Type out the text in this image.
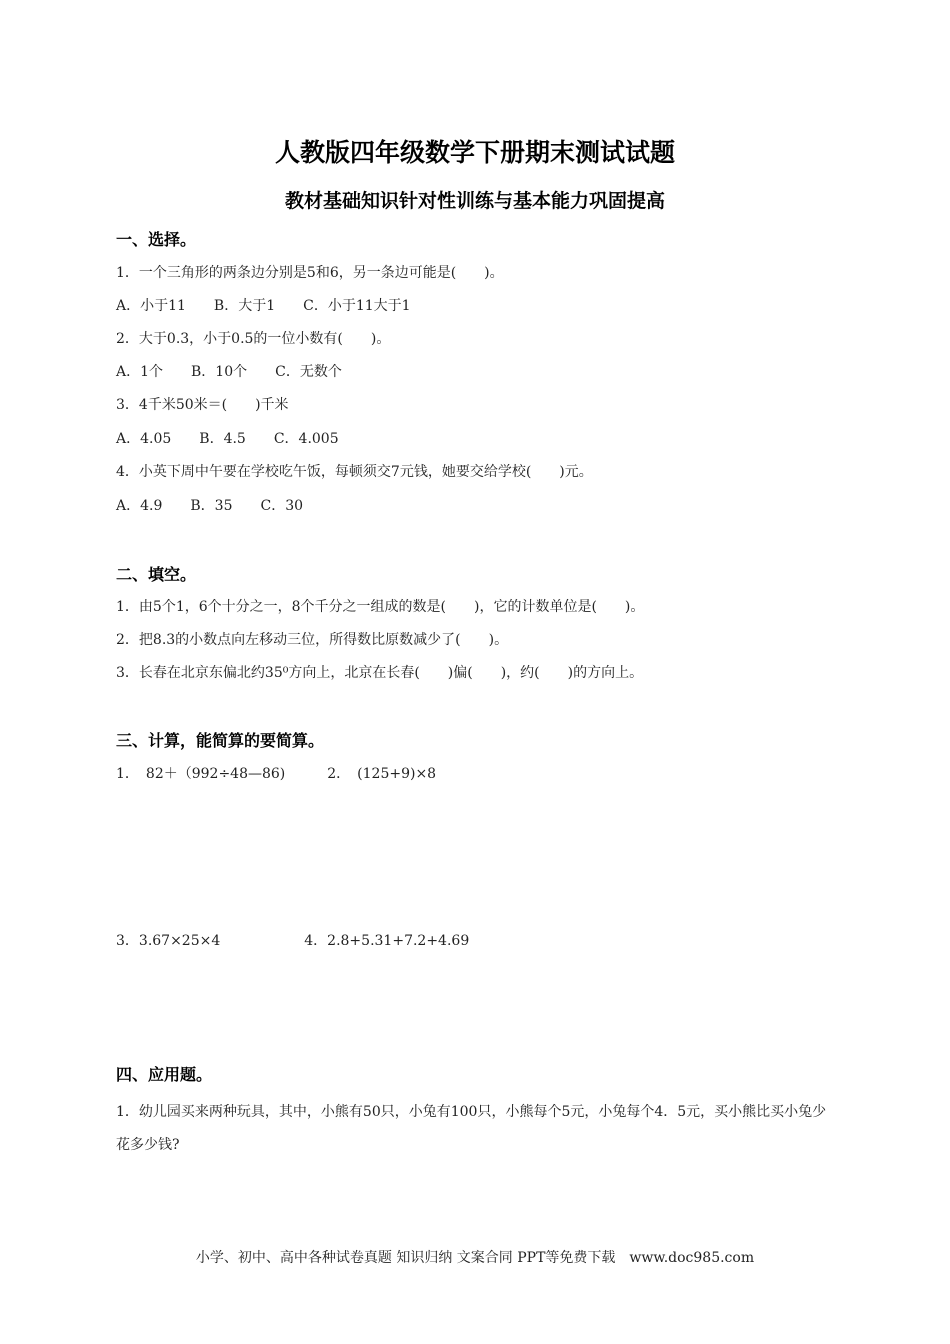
人教版四年级数学下册期末测试试题
教材基础知识针对性训练与基本能力巩固提高
一、选择。
1．一个三角形的两条边分别是5和6，另一条边可能是(　　)。
A．小于11　　B．大于1　　C．小于11大于1
2．大于0.3，小于0.5的一位小数有(　　)。
A．1个　　B．10个　　C．无数个
3．4千米50米＝(　　)千米
A．4.05　　B．4.5　　C．4.005
4．小英下周中午要在学校吃午饭，每顿须交7元钱，她要交给学校(　　)元。
A．4.9　　B．35　　C．30
二、填空。
1．由5个1，6个十分之一，8个千分之一组成的数是(　　)，它的计数单位是(　　)。
2．把8.3的小数点向左移动三位，所得数比原数减少了(　　)。
3．长春在北京东偏北约35⁰方向上，北京在长春(　　)偏(　　)，约(　　)的方向上。
三、计算，能简算的要简算。
1．　82＋（992÷48—86)　　　2．　(125+9)×8
3．3.67×25×4　　　　　　4．2.8+5.31+7.2+4.69
四、应用题。
1．幼儿园买来两种玩具，其中，小熊有50只，小兔有100只，小熊每个5元，小兔每个4．5元，买小熊比买小兔少花多少钱?
小学、初中、高中各种试卷真题 知识归纳 文案合同 PPT等免费下载　www.doc985.com
